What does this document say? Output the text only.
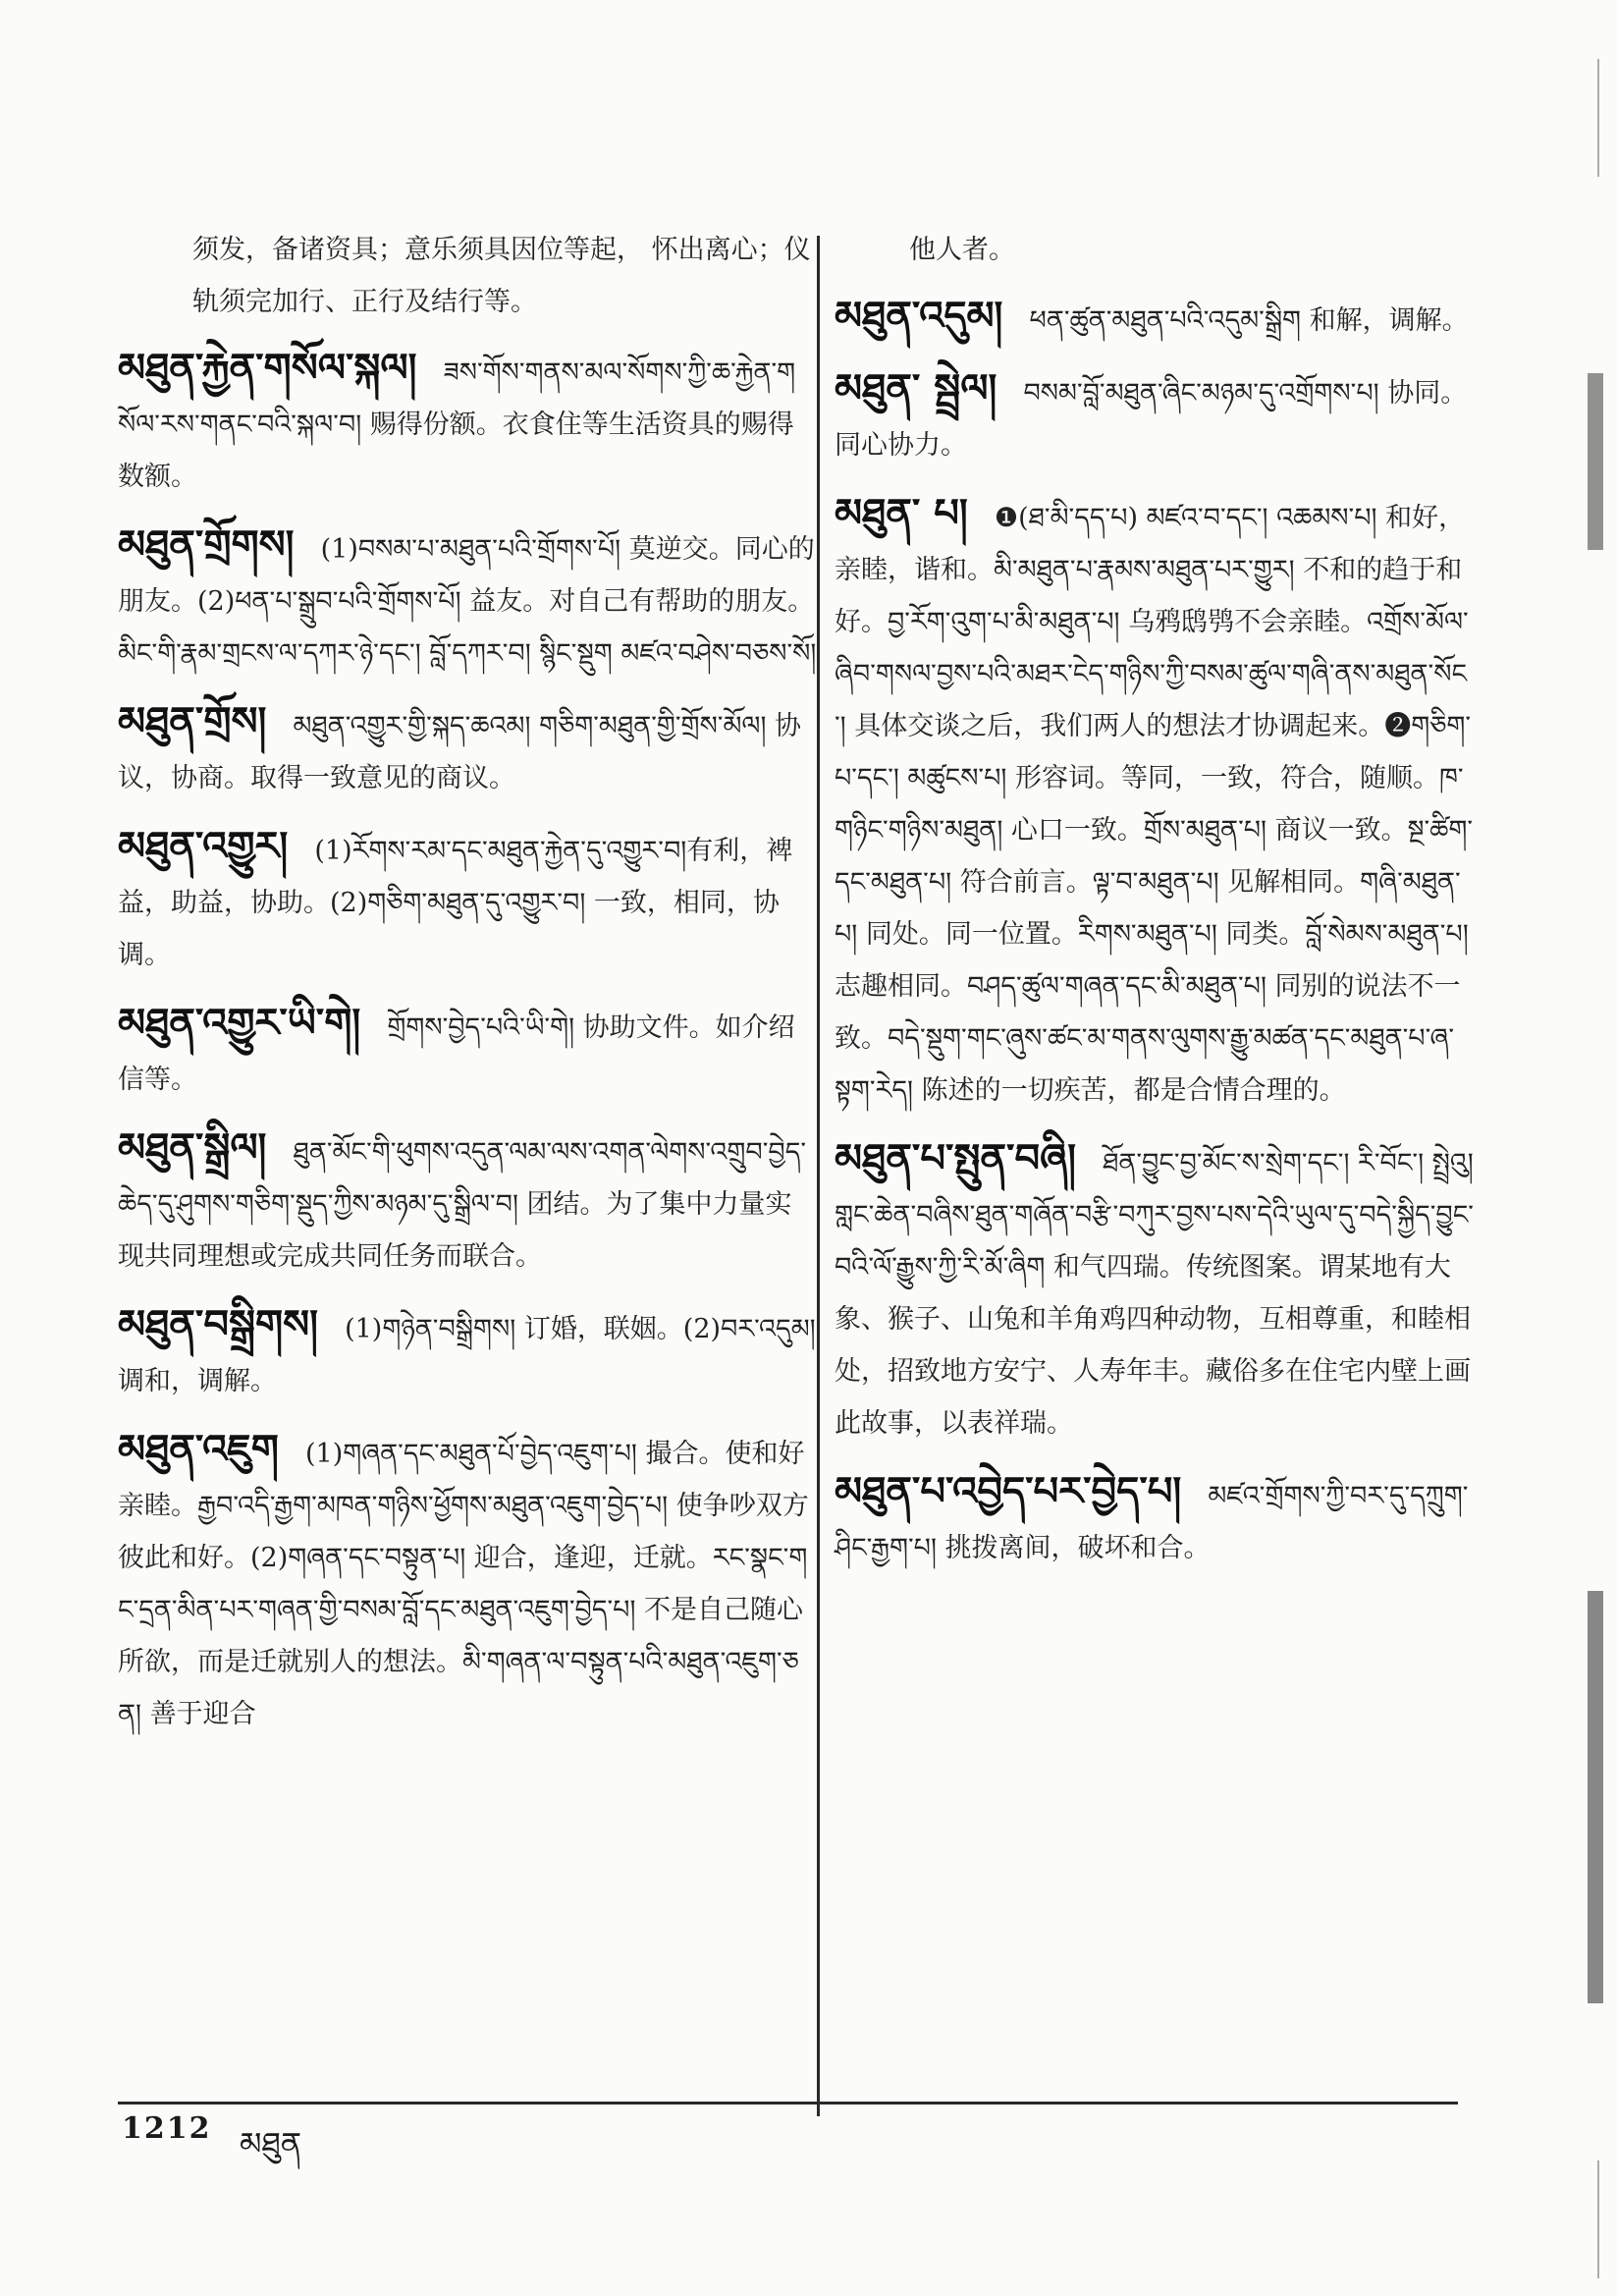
须发，备诸资具；意乐须具因位等起， 怀出离心；仪轨须完加行、正行及结行等。
མཐུན་རྐྱེན་གསོལ་སྐལ། ཟས་གོས་གནས་མལ་སོགས་ཀྱི་ཆ་རྐྱེན་གསོལ་རས་གནང་བའི་སྐལ་བ། 赐得份额。衣食住等生活资具的赐得数额。
མཐུན་གྲོགས། (1)བསམ་པ་མཐུན་པའི་གྲོགས་པོ། 莫逆交。同心的朋友。(2)ཕན་པ་སྒྲུབ་པའི་གྲོགས་པོ། 益友。对自己有帮助的朋友。མིང་གི་རྣམ་གྲངས་ལ་དཀར་ཉེ་དང་། བློ་དཀར་བ། སྙིང་སྡུག མཛའ་བཤེས་བཅས་སོ།
མཐུན་གྲོས། མཐུན་འགྱུར་གྱི་སྐད་ཆའམ། གཅིག་མཐུན་གྱི་གྲོས་མོལ། 协议，协商。取得一致意见的商议。
མཐུན་འགྱུར། (1)རོགས་རམ་དང་མཐུན་རྐྱེན་དུ་འགྱུར་བ།有利，裨益，助益，协助。(2)གཅིག་མཐུན་དུ་འགྱུར་བ། 一致，相同，协调。
མཐུན་འགྱུར་ཡི་གེ། གྲོགས་བྱེད་པའི་ཡི་གེ། 协助文件。如介绍信等。
མཐུན་སྒྲིལ། ཐུན་མོང་གི་ཕུགས་འདུན་ལམ་ལས་འགན་ལེགས་འགྲུབ་བྱེད་ཆེད་དུ་ཤུགས་གཅིག་སྡུད་ཀྱིས་མཉམ་དུ་སྒྲིལ་བ། 团结。为了集中力量实现共同理想或完成共同任务而联合。
མཐུན་བསྒྲིགས། (1)གཉེན་བསྒྲིགས། 订婚，联姻。(2)བར་འདུམ། 调和，调解。
མཐུན་འཇུག (1)གཞན་དང་མཐུན་པོ་བྱེད་འཇུག་པ། 撮合。使和好亲睦。རྒྱབ་འདི་རྒྱག་མཁན་གཉིས་ཕྱོགས་མཐུན་འཇུག་བྱེད་པ། 使争吵双方彼此和好。(2)གཞན་དང་བསྟུན་པ། 迎合，逢迎，迁就。རང་སྣང་གང་དྲན་མིན་པར་གཞན་གྱི་བསམ་བློ་དང་མཐུན་འཇུག་བྱེད་པ། 不是自己随心所欲，而是迁就别人的想法。མི་གཞན་ལ་བསྟུན་པའི་མཐུན་འཇུག་ཅན། 善于迎合
他人者。
མཐུན་འདུམ། ཕན་ཚུན་མཐུན་པའི་འདུམ་སྒྲིག 和解，调解。
མཐུན་ སྦྲེལ། བསམ་བློ་མཐུན་ཞིང་མཉམ་དུ་འགྲོགས་པ། 协同。同心协力。
མཐུན་ པ། ❶(ཐ་མི་དད་པ) མཛའ་བ་དང་། འཆམས་པ། 和好，亲睦，谐和。མི་མཐུན་པ་རྣམས་མཐུན་པར་གྱུར། 不和的趋于和好。བྱ་རོག་འུག་པ་མི་མཐུན་པ། 乌鸦鸱鸮不会亲睦。འགྲོས་མོལ་ཞིབ་གསལ་བྱས་པའི་མཐར་ངེད་གཉིས་ཀྱི་བསམ་ཚུལ་གཞི་ནས་མཐུན་སོང་། 具体交谈之后，我们两人的想法才协调起来。❷གཅིག་པ་དང་། མཚུངས་པ། 形容词。等同，一致，符合，随顺。ཁ་གཉིང་གཉིས་མཐུན། 心口一致。གྲོས་མཐུན་པ། 商议一致。སྔ་ཚིག་དང་མཐུན་པ། 符合前言。ལྟ་བ་མཐུན་པ། 见解相同。གཞི་མཐུན་པ། 同处。同一位置。རིགས་མཐུན་པ། 同类。བློ་སེམས་མཐུན་པ། 志趣相同。བཤད་ཚུལ་གཞན་དང་མི་མཐུན་པ། 同别的说法不一致。བདེ་སྡུག་གང་ཞུས་ཚང་མ་གནས་ལུགས་རྒྱུ་མཚན་དང་མཐུན་པ་ཞ་སྟག་རེད། 陈述的一切疾苦，都是合情合理的。
མཐུན་པ་སྤུན་བཞི། ཐོན་བྱུང་བྱ་མོང་ས་སྲེག་དང་། རི་བོང་། སྤྲེའུ། གླང་ཆེན་བཞིས་ཐུན་གཞོན་བརྩི་བཀུར་བྱས་པས་དེའི་ཡུལ་དུ་བདེ་སྐྱིད་བྱུང་བའི་ལོ་རྒྱུས་ཀྱི་རི་མོ་ཞིག 和气四瑞。传统图案。谓某地有大象、猴子、山兔和羊角鸡四种动物，互相尊重，和睦相处，招致地方安宁、人寿年丰。藏俗多在住宅内壁上画此故事，以表祥瑞。
མཐུན་པ་འབྱེད་པར་བྱེད་པ། མཛའ་གྲོགས་ཀྱི་བར་དུ་དཀྲུག་ཤིང་རྒྱག་པ། 挑拨离间，破坏和合。
1212 མཐུན
